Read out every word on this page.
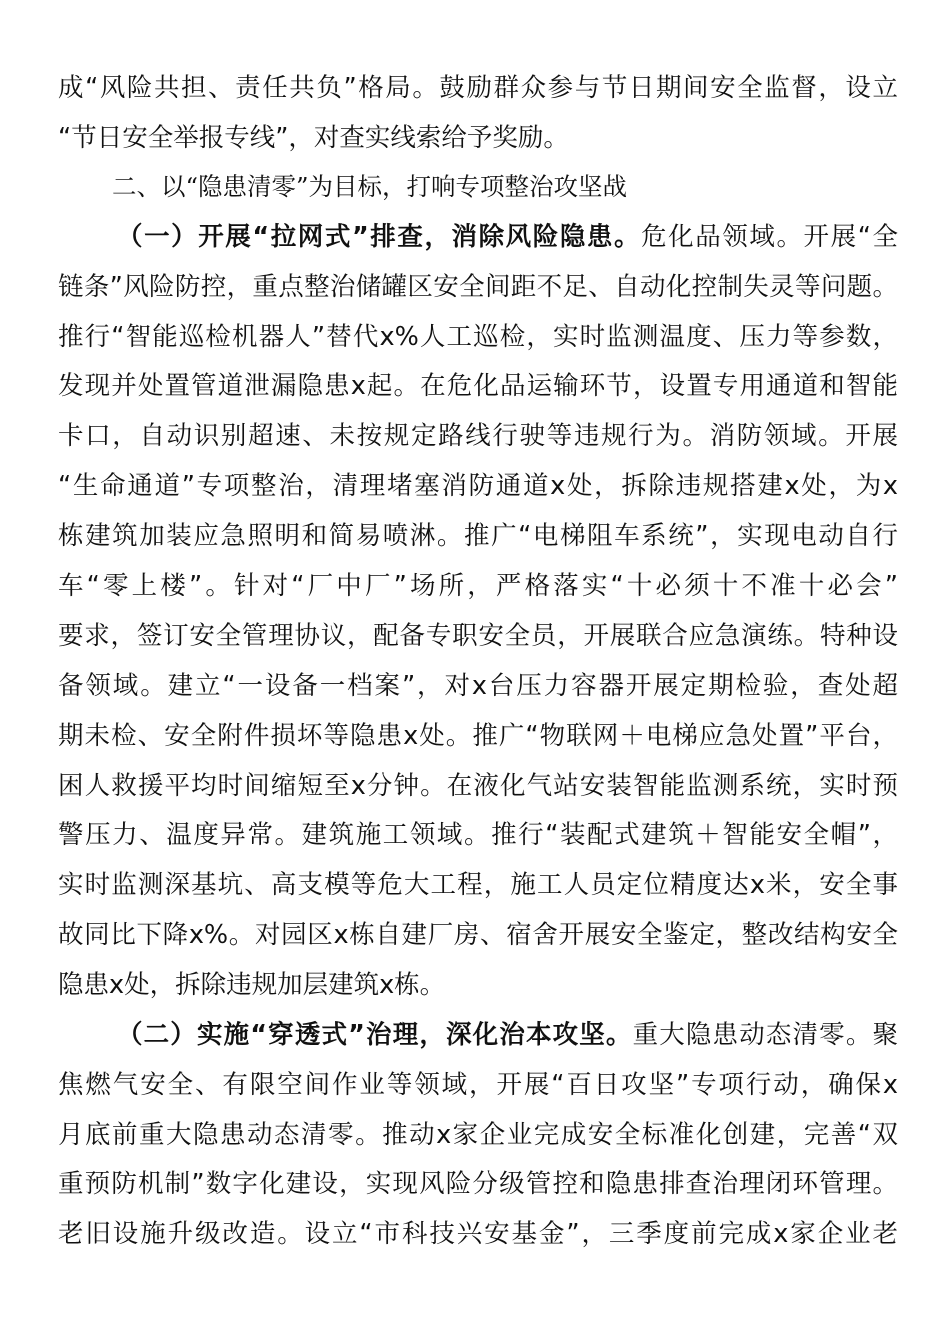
成“风险共担、责任共负”格局。鼓励群众参与节日期间安全监督，设立
“节日安全举报专线”，对查实线索给予奖励。
二、以“隐患清零”为目标，打响专项整治攻坚战
（一）开展“拉网式”排查，消除风险隐患。危化品领域。开展“全
链条”风险防控，重点整治储罐区安全间距不足、自动化控制失灵等问题。
推行“智能巡检机器人”替代x%人工巡检，实时监测温度、压力等参数，
发现并处置管道泄漏隐患x起。在危化品运输环节，设置专用通道和智能
卡口，自动识别超速、未按规定路线行驶等违规行为。消防领域。开展
“生命通道”专项整治，清理堵塞消防通道x处，拆除违规搭建x处，为x
栋建筑加装应急照明和简易喷淋。推广“电梯阻车系统”，实现电动自行
车“零上楼”。针对“厂中厂”场所，严格落实“十必须十不准十必会”
要求，签订安全管理协议，配备专职安全员，开展联合应急演练。特种设
备领域。建立“一设备一档案”，对x台压力容器开展定期检验，查处超
期未检、安全附件损坏等隐患x处。推广“物联网＋电梯应急处置”平台，
困人救援平均时间缩短至x分钟。在液化气站安装智能监测系统，实时预
警压力、温度异常。建筑施工领域。推行“装配式建筑＋智能安全帽”，
实时监测深基坑、高支模等危大工程，施工人员定位精度达x米，安全事
故同比下降x%。对园区x栋自建厂房、宿舍开展安全鉴定，整改结构安全
隐患x处，拆除违规加层建筑x栋。
（二）实施“穿透式”治理，深化治本攻坚。重大隐患动态清零。聚
焦燃气安全、有限空间作业等领域，开展“百日攻坚”专项行动，确保x
月底前重大隐患动态清零。推动x家企业完成安全标准化创建，完善“双
重预防机制”数字化建设，实现风险分级管控和隐患排查治理闭环管理。
老旧设施升级改造。设立“市科技兴安基金”，三季度前完成x家企业老
